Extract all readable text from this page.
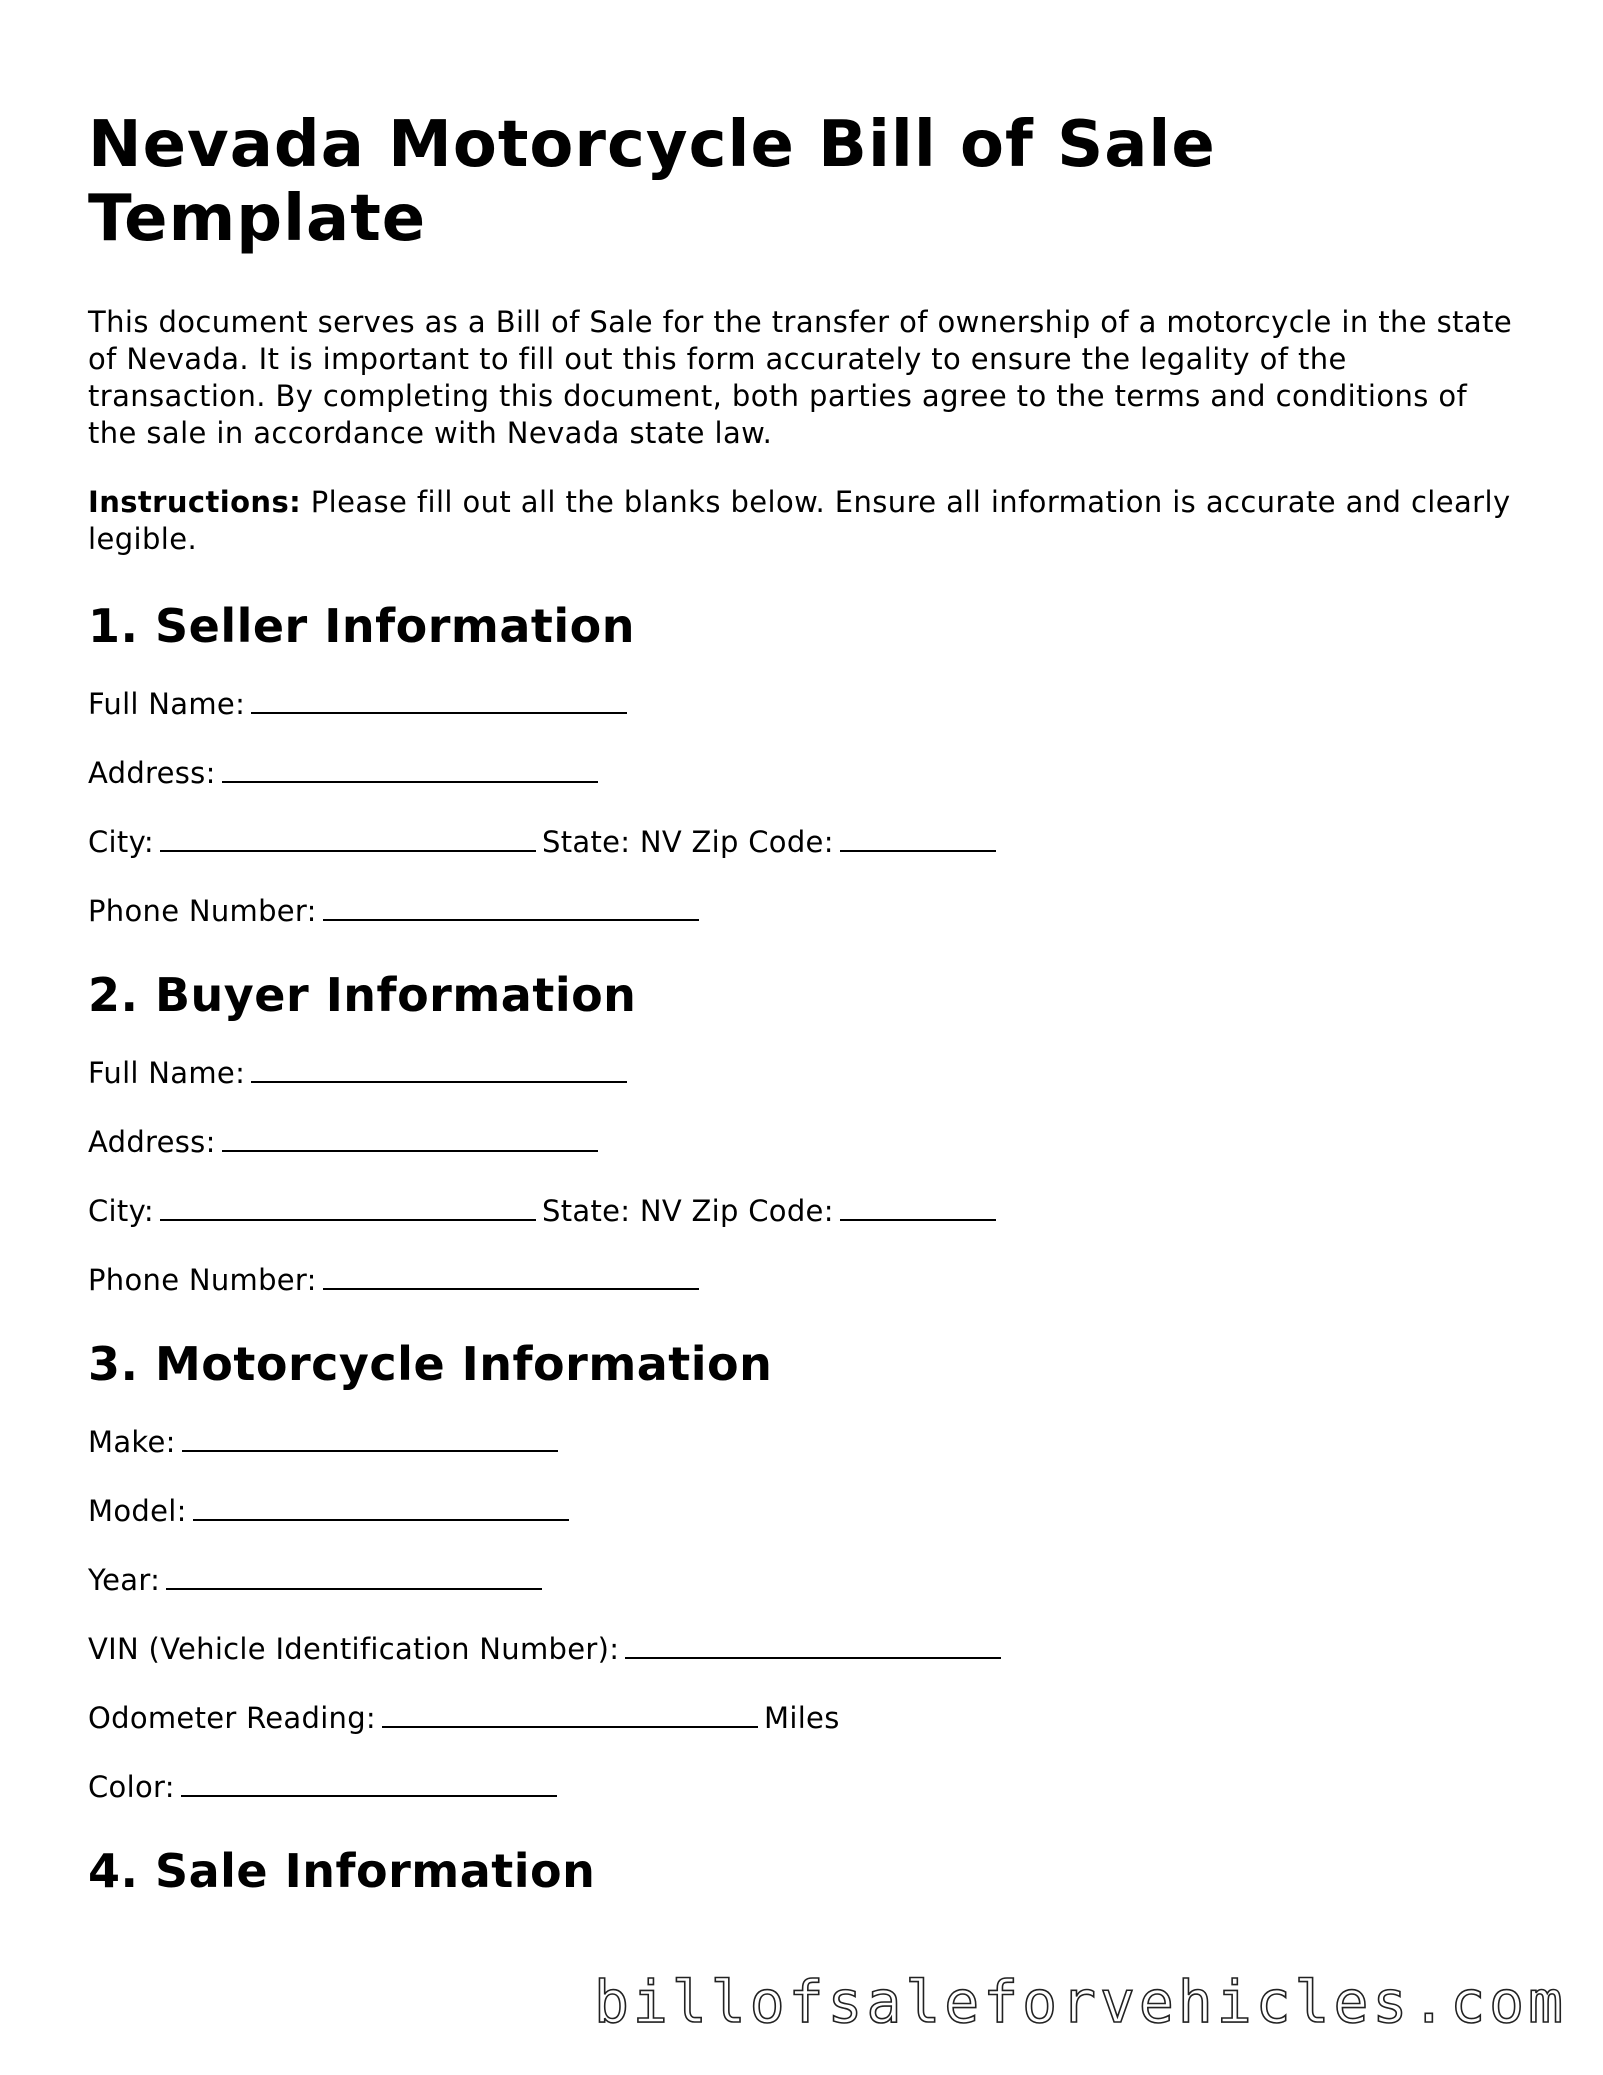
Nevada Motorcycle Bill of Sale Template

This document serves as a Bill of Sale for the transfer of ownership of a motorcycle in the state of Nevada. It is important to fill out this form accurately to ensure the legality of the transaction. By completing this document, both parties agree to the terms and conditions of the sale in accordance with Nevada state law.

Instructions: Please fill out all the blanks below. Ensure all information is accurate and clearly legible.

1. Seller Information
Full Name:
Address:
City:	State: NV Zip Code:
Phone Number:
2. Buyer Information
Full Name:
Address:
City:	State: NV Zip Code:
Phone Number:
3. Motorcycle Information
Make:
Model:
Year:
VIN (Vehicle Identification Number):
Odometer Reading:	Miles
Color:
4. Sale Information
billofsaleforvehicles.com
